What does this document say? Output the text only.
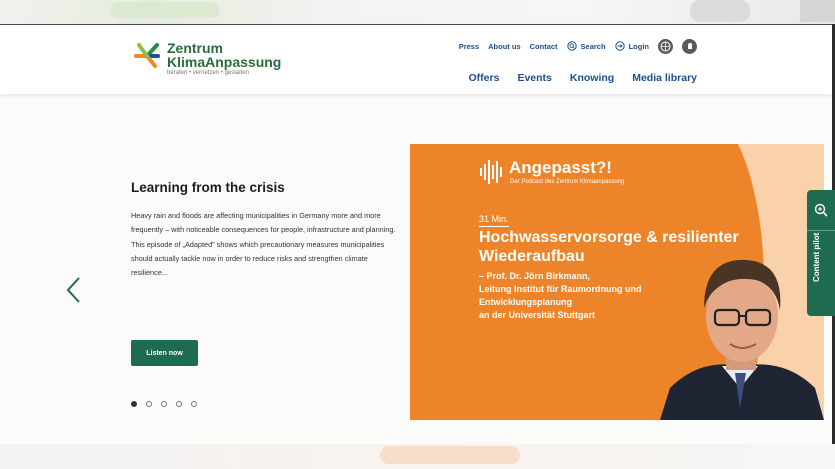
Zentrum
KlimaAnpassung
beraten • vernetzen • gestalten
Press About us Contact	Search	Login
Offers Events Knowing Media library
Learning from the crisis
Heavy rain and floods are affecting municipalities in Germany more and more frequently – with noticeable consequences for people, infrastructure and planning. This episode of „Adapted" shows which precautionary measures municipalities should actually tackle now in order to reduce risks and strengthen climate resilience...
Listen now
Angepasst?!
Der Podcast des Zentrum Klimaanpassung
31 Min.
Hochwasservorsorge & resilienter Wiederaufbau
– Prof. Dr. Jörn Birkmann,
Leitung Institut für Raumordnung und
Entwicklungsplanung
an der Universität Stuttgart
Content pilot
